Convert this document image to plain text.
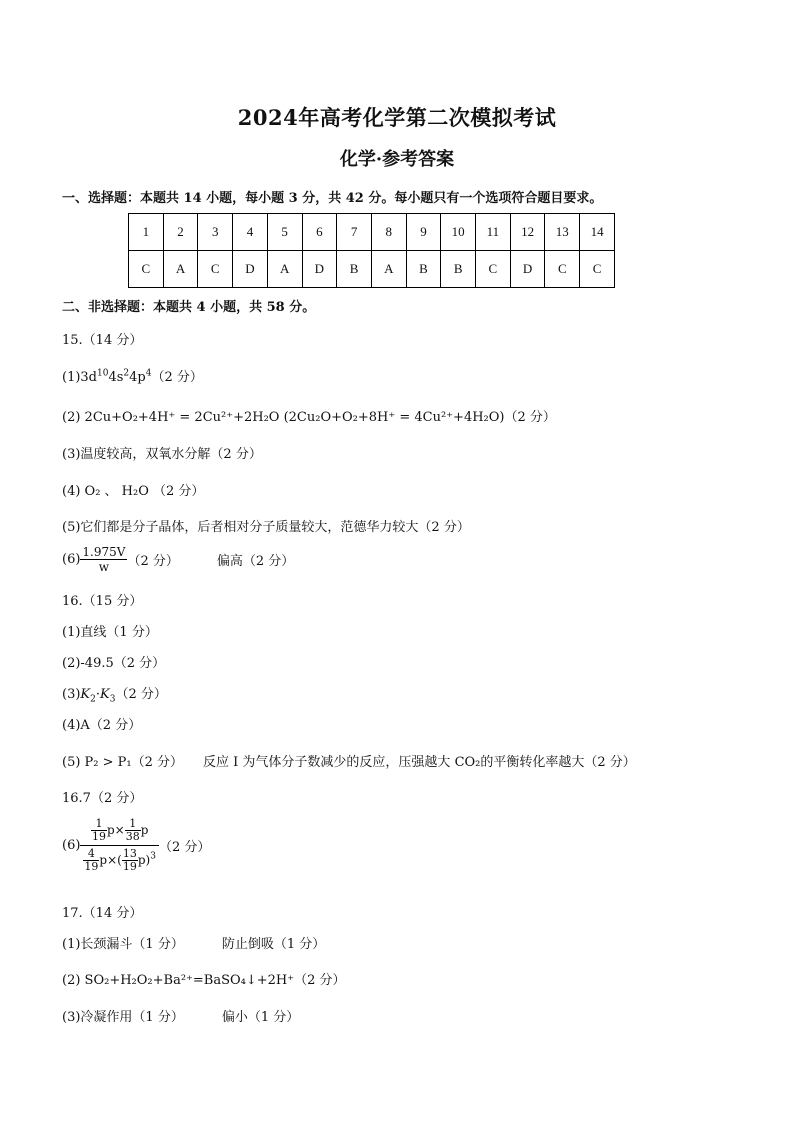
2024年高考化学第二次模拟考试
化学·参考答案
一、选择题：本题共 14 小题，每小题 3 分，共 42 分。每小题只有一个选项符合题目要求。
1	2	3	4	5	6	7	8	9	10	11	12	13	14
C	A	C	D	A	D	B	A	B	B	C	D	C	C
二、非选择题：本题共 4 小题，共 58 分。
15.（14 分）
$(1)3d^{10}4s^24p^4(2$ 分）
(2) 2Cu+O₂+4H⁺ = 2Cu²⁺+2H₂O (2Cu₂O+O₂+8H⁺ = 4Cu²⁺+4H₂O)（2 分）
(3)温度较高，双氧水分解（2 分）
(4) O₂ 、 H₂O （2 分）
(5)它们都是分子晶体，后者相对分子质量较大，范德华力较大（2 分）
$(6) \frac{1.975V}{w} (2$ 分）	偏高（2 分）
16.（15 分）
(1)直线（1 分）
(2)-49.5（2 分）
$(3)K_2\cdot K_3(2$ 分）
(4)A（2 分）
(5) P₂ > P₁（2 分） 反应 I 为气体分子数减少的反应，压强越大 CO₂的平衡转化率越大（2 分）
16.7（2 分）
$(6) \frac{\frac{1}{19} p\times \frac{1}{38} p}{\frac{4}{19} p\times( \frac{13}{19} p)^3} (2$ 分）
17.（14 分）
(1)长颈漏斗（1 分）	防止倒吸（1 分）
(2) SO₂+H₂O₂+Ba²⁺=BaSO₄↓+2H⁺（2 分）
(3)冷凝作用（1 分）	偏小（1 分）
